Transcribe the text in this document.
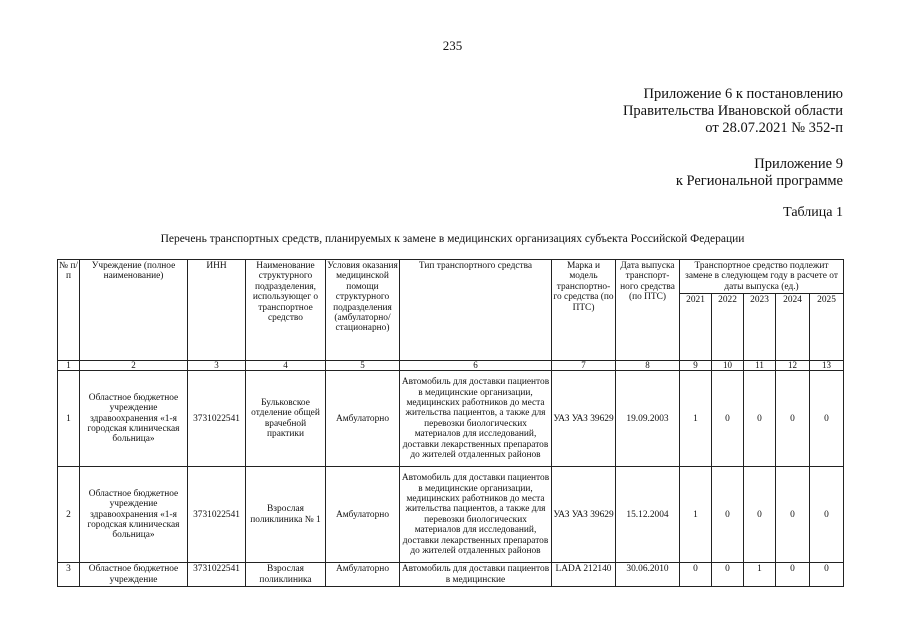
235
Приложение 6 к постановлению
Правительства Ивановской области
от 28.07.2021 № 352-п
Приложение 9
к Региональной программе
Таблица 1
Перечень транспортных средств, планируемых к замене в медицинских организациях субъекта Российской Федерации
№ п/п	Учреждение (полное наименование)	ИНН	Наименование структурного подразделения, использующег о транспортное средство	Условия оказания медицинской помощи структурного подразделения (амбулаторно/ стационарно)	Тип транспортного средства	Марка и модель транспортно-го средства (по ПТС)	Дата выпуска транспорт-ного средства (по ПТС)	Транспортное средство подлежит замене в следующем году в расчете от даты выпуска (ед.)				
								2021	2022	2023	2024	2025
1	2	3	4	5	6	7	8	9	10	11	12	13
1	Областное бюджетное учреждение здравоохранения «1-я городская клиническая больница»	3731022541	Бульковское отделение общей врачебной практики	Амбулаторно	Автомобиль для доставки пациентов в медицинские организации, медицинских работников до места жительства пациентов, а также для перевозки биологических материалов для исследований, доставки лекарственных препаратов до жителей отдаленных районов	УАЗ УАЗ 39629	19.09.2003	1	0	0	0	0
2	Областное бюджетное учреждение здравоохранения «1-я городская клиническая больница»	3731022541	Взрослая поликлиника № 1	Амбулаторно	Автомобиль для доставки пациентов в медицинские организации, медицинских работников до места жительства пациентов, а также для перевозки биологических материалов для исследований, доставки лекарственных препаратов до жителей отдаленных районов	УАЗ УАЗ 39629	15.12.2004	1	0	0	0	0
3	Областное бюджетное учреждение	3731022541	Взрослая поликлиника	Амбулаторно	Автомобиль для доставки пациентов в медицинские	LADA 212140	30.06.2010	0	0	1	0	0
